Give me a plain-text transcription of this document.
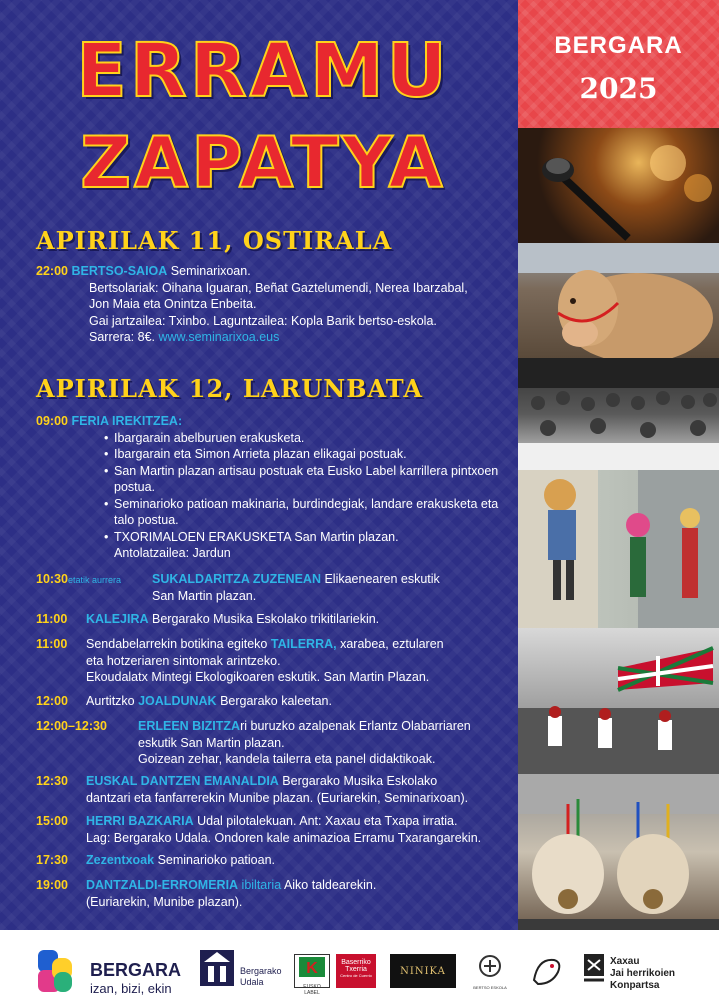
ERRAMU
ZAPATYA
APIRILAK 11, OSTIRALA
22:00 BERTSO-SAIOA Seminarixoan.
Bertsolariak: Oihana Iguaran, Beñat Gaztelumendi, Nerea Ibarzabal,
Jon Maia eta Onintza Enbeita.
Gai jartzailea: Txinbo. Laguntzailea: Kopla Barik bertso-eskola.
Sarrera: 8€. www.seminarixoa.eus
APIRILAK 12, LARUNBATA
09:00 FERIA IREKITZEA:
• Ibargarain abelburuen erakusketa.
• Ibargarain eta Simon Arrieta plazan elikagai postuak.
• San Martin plazan artisau postuak eta Eusko Label karrillera pintxoen postua.
• Seminarioko patioan makinaria, burdindegiak, landare erakusketa eta talo postua.
• TXORIMALOEN ERAKUSKETA San Martin plazan.
Antolatzailea: Jardun
10:30etatik aurrera SUKALDARITZA ZUZENEAN Elikaenearen eskutik
San Martin plazan.
11:00 KALEJIRA Bergarako Musika Eskolako trikitilariekin.
11:00 Sendabelarrekin botikina egiteko TAILERRA, xarabea, eztularen
eta hotzeriaren sintomak arintzeko.
Ekoudalatx Mintegi Ekologikoaren eskutik. San Martin Plazan.
12:00 Aurtitzko JOALDUNAK Bergarako kaleetan.
12:00–12:30 ERLEEN BIZITZAri buruzko azalpenak Erlantz Olabarriaren
eskutik San Martin plazan.
Goizean zehar, kandela tailerra eta panel didaktikoak.
12:30 EUSKAL DANTZEN EMANALDIA Bergarako Musika Eskolako
dantzari eta fanfarrerekin Munibe plazan. (Euriarekin, Seminarixoan).
15:00 HERRI BAZKARIA Udal pilotalekuan. Ant: Xaxau eta Txapa irratia.
Lag: Bergarako Udala. Ondoren kale animazioa Erramu Txarangarekin.
17:30 Zezentxoak Seminarioko patioan.
19:00 DANTZALDI-ERROMERIA ibiltaria Aiko taldearekin.
(Euriarekin, Munibe plazan).
BERGARA
2025
BERGARA
izan, bizi, ekin
Bergarako
Udala
K
EUSKO LABEL
Baserriko
Txerria
Centro de Cuerrio	NINIKA
BERTSO ESKOLA
Xaxau
Jai herrikoien
Konpartsa
